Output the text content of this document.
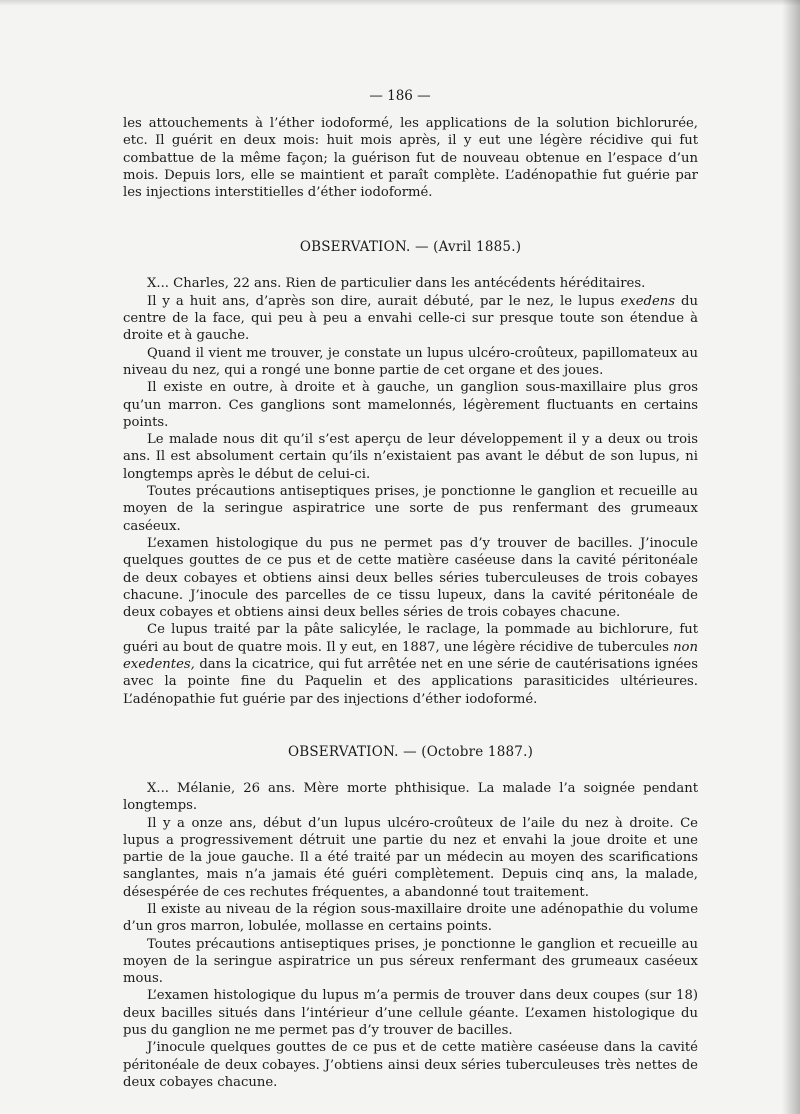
— 186 —

les attouchements à l’éther iodoformé, les applications de la solution bichlorurée, etc. Il guérit en deux mois: huit mois après, il y eut une légère récidive qui fut combattue de la même façon; la guérison fut de nouveau obtenue en l’espace d’un mois. Depuis lors, elle se maintient et paraît complète. L’adénopathie fut guérie par les injections interstitielles d’éther iodoformé.

OBSERVATION. — (Avril 1885.)

X... Charles, 22 ans. Rien de particulier dans les antécédents héréditaires.

Il y a huit ans, d’après son dire, aurait débuté, par le nez, le lupus exedens du centre de la face, qui peu à peu a envahi celle-ci sur presque toute son étendue à droite et à gauche.

Quand il vient me trouver, je constate un lupus ulcéro-croûteux, papillomateux au niveau du nez, qui a rongé une bonne partie de cet organe et des joues.

Il existe en outre, à droite et à gauche, un ganglion sous-maxillaire plus gros qu’un marron. Ces ganglions sont mamelonnés, légèrement fluctuants en certains points.

Le malade nous dit qu’il s’est aperçu de leur développement il y a deux ou trois ans. Il est absolument certain qu’ils n’existaient pas avant le début de son lupus, ni longtemps après le début de celui-ci.

Toutes précautions antiseptiques prises, je ponctionne le ganglion et recueille au moyen de la seringue aspiratrice une sorte de pus renfermant des grumeaux caséeux.

L’examen histologique du pus ne permet pas d’y trouver de bacilles. J’inocule quelques gouttes de ce pus et de cette matière caséeuse dans la cavité péritonéale de deux cobayes et obtiens ainsi deux belles séries tuberculeuses de trois cobayes chacune. J’inocule des parcelles de ce tissu lupeux, dans la cavité péritonéale de deux cobayes et obtiens ainsi deux belles séries de trois cobayes chacune.

Ce lupus traité par la pâte salicylée, le raclage, la pommade au bichlorure, fut guéri au bout de quatre mois. Il y eut, en 1887, une légère récidive de tubercules non exedentes, dans la cicatrice, qui fut arrêtée net en une série de cautérisations ignées avec la pointe fine du Paquelin et des applications parasiticides ultérieures. L’adénopathie fut guérie par des injections d’éther iodoformé.

OBSERVATION. — (Octobre 1887.)

X... Mélanie, 26 ans. Mère morte phthisique. La malade l’a soignée pendant longtemps.

Il y a onze ans, début d’un lupus ulcéro-croûteux de l’aile du nez à droite. Ce lupus a progressivement détruit une partie du nez et envahi la joue droite et une partie de la joue gauche. Il a été traité par un médecin au moyen des scarifications sanglantes, mais n’a jamais été guéri complètement. Depuis cinq ans, la malade, désespérée de ces rechutes fréquentes, a abandonné tout traitement.

Il existe au niveau de la région sous-maxillaire droite une adénopathie du volume d’un gros marron, lobulée, mollasse en certains points.

Toutes précautions antiseptiques prises, je ponctionne le ganglion et recueille au moyen de la seringue aspiratrice un pus séreux renfermant des grumeaux caséeux mous.

L’examen histologique du lupus m’a permis de trouver dans deux coupes (sur 18) deux bacilles situés dans l’intérieur d’une cellule géante. L’examen histologique du pus du ganglion ne me permet pas d’y trouver de bacilles.

J’inocule quelques gouttes de ce pus et de cette matière caséeuse dans la cavité péritonéale de deux cobayes. J’obtiens ainsi deux séries tuberculeuses très nettes de deux cobayes chacune.
